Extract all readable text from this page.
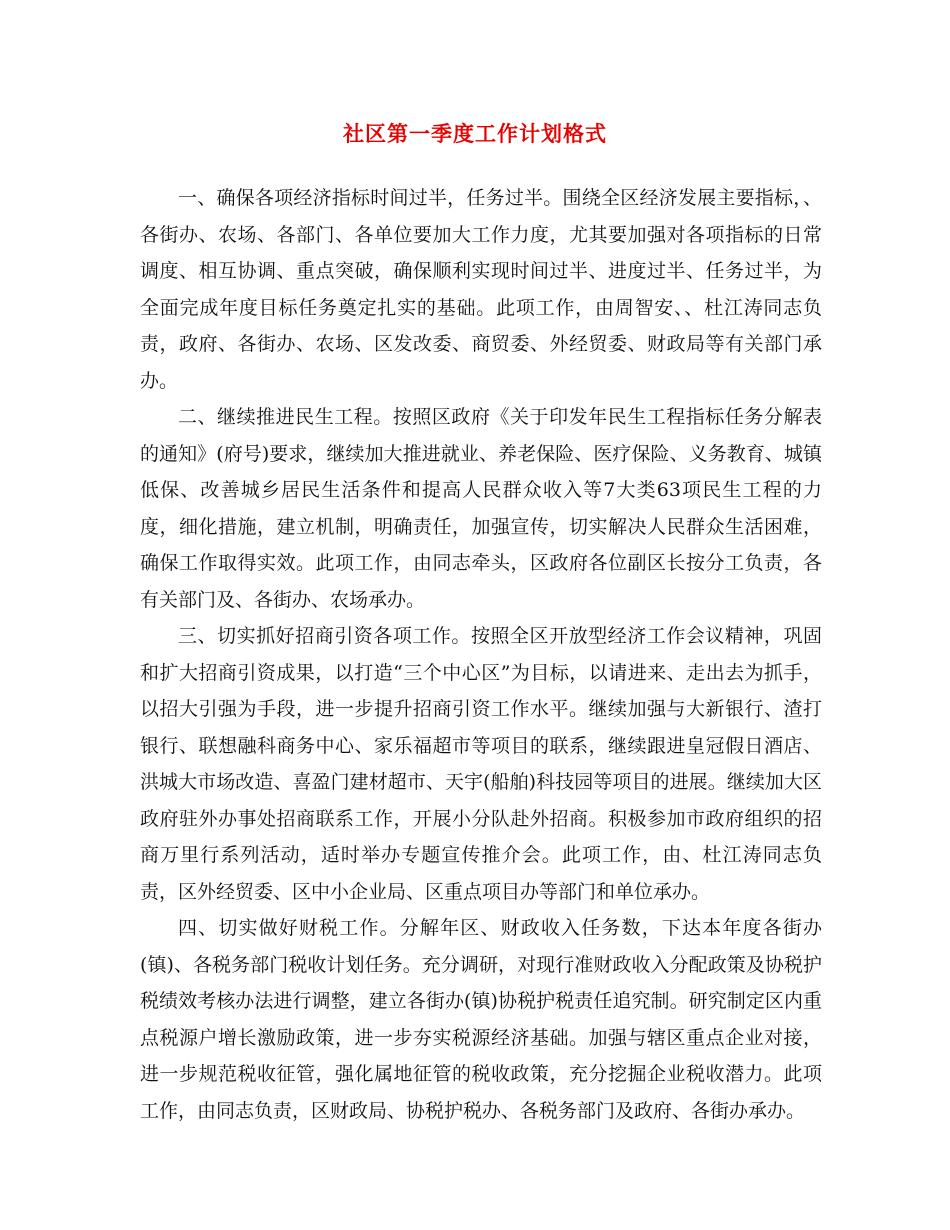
社区第一季度工作计划格式

一、确保各项经济指标时间过半，任务过半。围绕全区经济发展主要指标，、各街办、农场、各部门、各单位要加大工作力度，尤其要加强对各项指标的日常调度、相互协调、重点突破，确保顺利实现时间过半、进度过半、任务过半，为全面完成年度目标任务奠定扎实的基础。此项工作，由周智安、、杜江涛同志负责，政府、各街办、农场、区发改委、商贸委、外经贸委、财政局等有关部门承办。

二、继续推进民生工程。按照区政府《关于印发年民生工程指标任务分解表的通知》(府号)要求，继续加大推进就业、养老保险、医疗保险、义务教育、城镇低保、改善城乡居民生活条件和提高人民群众收入等7大类63项民生工程的力度，细化措施，建立机制，明确责任，加强宣传，切实解决人民群众生活困难，确保工作取得实效。此项工作，由同志牵头，区政府各位副区长按分工负责，各有关部门及、各街办、农场承办。

三、切实抓好招商引资各项工作。按照全区开放型经济工作会议精神，巩固和扩大招商引资成果，以打造“三个中心区”为目标，以请进来、走出去为抓手，以招大引强为手段，进一步提升招商引资工作水平。继续加强与大新银行、渣打银行、联想融科商务中心、家乐福超市等项目的联系，继续跟进皇冠假日酒店、洪城大市场改造、喜盈门建材超市、天宇(船舶)科技园等项目的进展。继续加大区政府驻外办事处招商联系工作，开展小分队赴外招商。积极参加市政府组织的招商万里行系列活动，适时举办专题宣传推介会。此项工作，由、杜江涛同志负责，区外经贸委、区中小企业局、区重点项目办等部门和单位承办。

四、切实做好财税工作。分解年区、财政收入任务数，下达本年度各街办(镇)、各税务部门税收计划任务。充分调研，对现行准财政收入分配政策及协税护税绩效考核办法进行调整，建立各街办(镇)协税护税责任追究制。研究制定区内重点税源户增长激励政策，进一步夯实税源经济基础。加强与辖区重点企业对接，进一步规范税收征管，强化属地征管的税收政策，充分挖掘企业税收潜力。此项工作，由同志负责，区财政局、协税护税办、各税务部门及政府、各街办承办。
